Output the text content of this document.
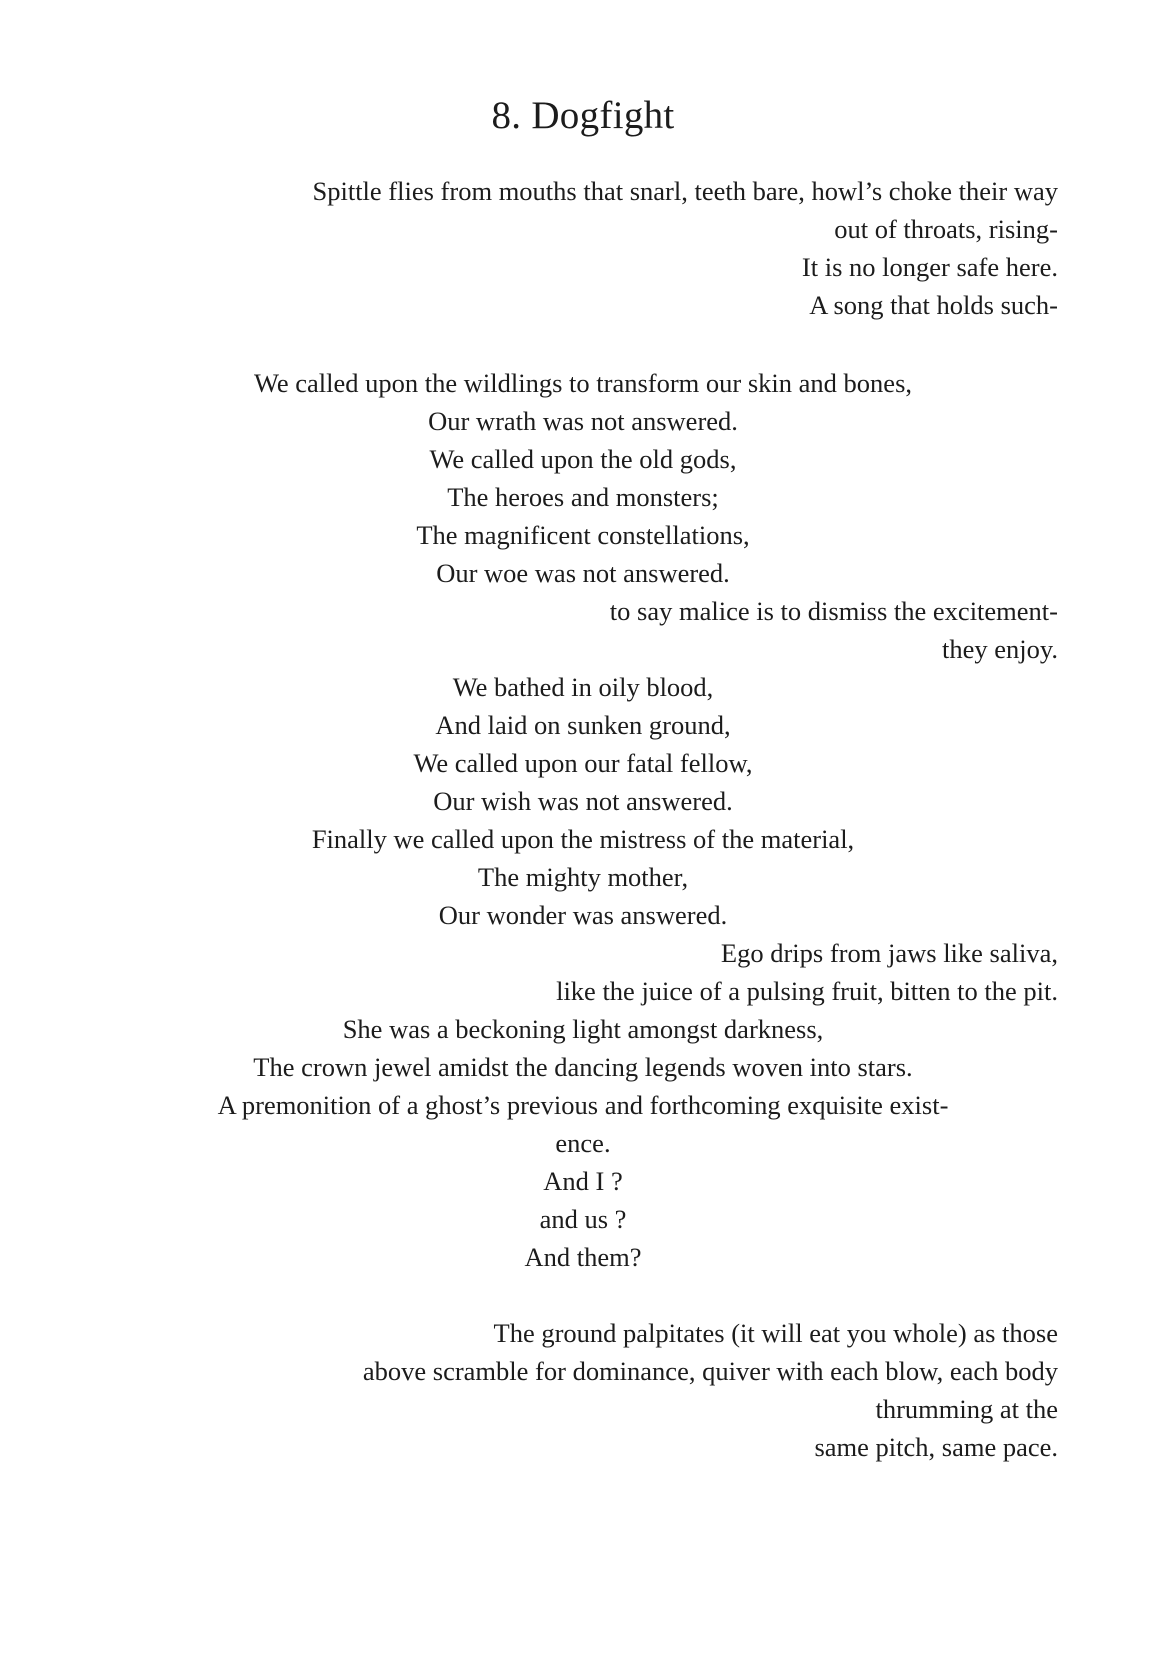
8. Dogfight
Spittle flies from mouths that snarl, teeth bare, howl’s choke their way
out of throats, rising-
It is no longer safe here.
A song that holds such-
We called upon the wildlings to transform our skin and bones,
Our wrath was not answered.
We called upon the old gods,
The heroes and monsters;
The magnificent constellations,
Our woe was not answered.
to say malice is to dismiss the excitement-
they enjoy.
We bathed in oily blood,
And laid on sunken ground,
We called upon our fatal fellow,
Our wish was not answered.
Finally we called upon the mistress of the material,
The mighty mother,
Our wonder was answered.
Ego drips from jaws like saliva,
like the juice of a pulsing fruit, bitten to the pit.
She was a beckoning light amongst darkness,
The crown jewel amidst the dancing legends woven into stars.
A premonition of a ghost’s previous and forthcoming exquisite exist-
ence.
And I ?
and us ?
And them?
The ground palpitates (it will eat you whole) as those
above scramble for dominance, quiver with each blow, each body
thrumming at the
same pitch, same pace.
